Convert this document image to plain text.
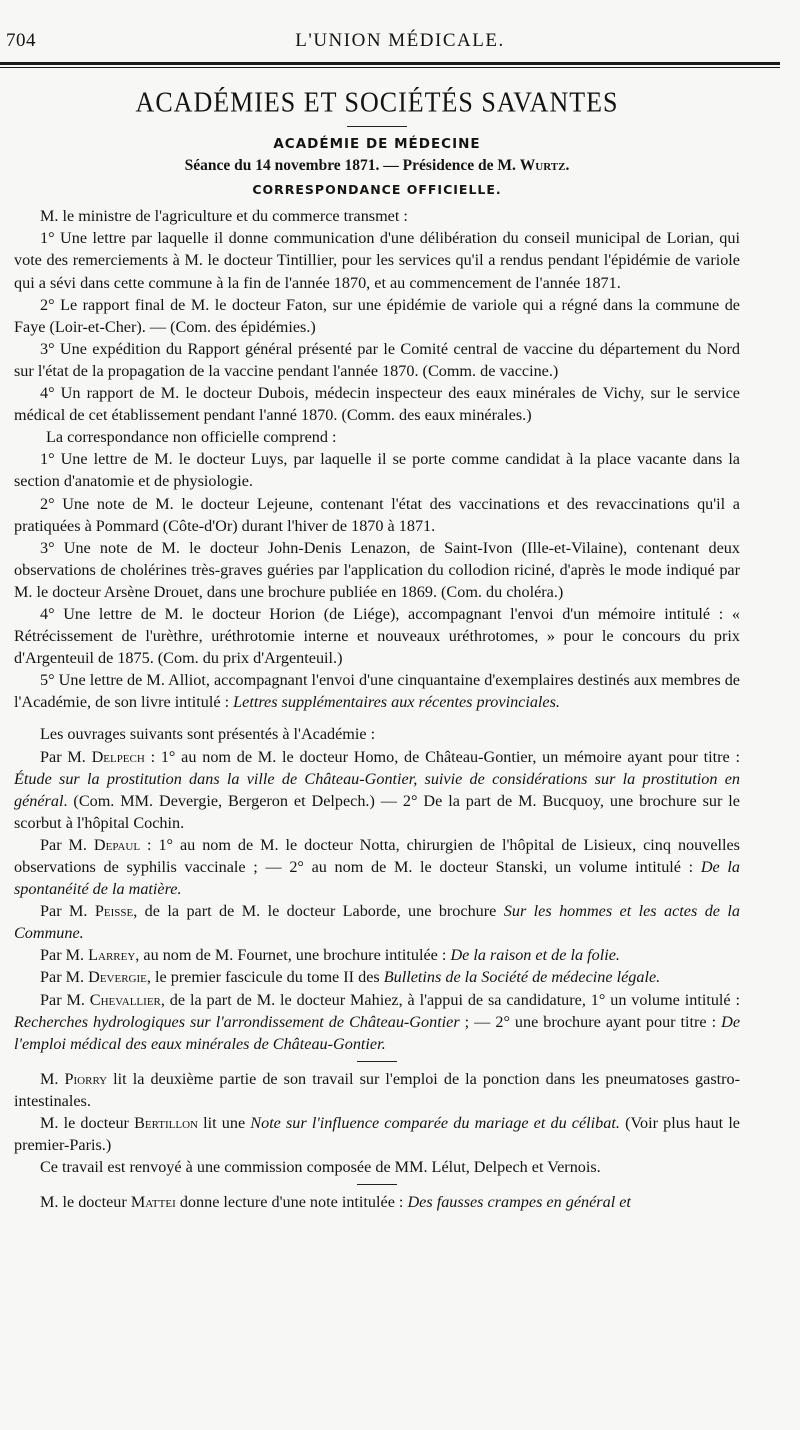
704	L'UNION MÉDICALE.

ACADÉMIES ET SOCIÉTÉS SAVANTES

ACADÉMIE DE MÉDECINE

Séance du 14 novembre 1871. — Présidence de M. Wurtz.

CORRESPONDANCE OFFICIELLE.

M. le ministre de l'agriculture et du commerce transmet :

1° Une lettre par laquelle il donne communication d'une délibération du conseil municipal de Lorian, qui vote des remerciements à M. le docteur Tintillier, pour les services qu'il a rendus pendant l'épidémie de variole qui a sévi dans cette commune à la fin de l'année 1870, et au commencement de l'année 1871.

2° Le rapport final de M. le docteur Faton, sur une épidémie de variole qui a régné dans la commune de Faye (Loir-et-Cher). — (Com. des épidémies.)

3° Une expédition du Rapport général présenté par le Comité central de vaccine du département du Nord sur l'état de la propagation de la vaccine pendant l'année 1870. (Comm. de vaccine.)

4° Un rapport de M. le docteur Dubois, médecin inspecteur des eaux minérales de Vichy, sur le service médical de cet établissement pendant l'anné 1870. (Comm. des eaux minérales.)

La correspondance non officielle comprend :

1° Une lettre de M. le docteur Luys, par laquelle il se porte comme candidat à la place vacante dans la section d'anatomie et de physiologie.

2° Une note de M. le docteur Lejeune, contenant l'état des vaccinations et des revaccinations qu'il a pratiquées à Pommard (Côte-d'Or) durant l'hiver de 1870 à 1871.

3° Une note de M. le docteur John-Denis Lenazon, de Saint-Ivon (Ille-et-Vilaine), contenant deux observations de cholérines très-graves guéries par l'application du collodion riciné, d'après le mode indiqué par M. le docteur Arsène Drouet, dans une brochure publiée en 1869. (Com. du choléra.)

4° Une lettre de M. le docteur Horion (de Liége), accompagnant l'envoi d'un mémoire intitulé : « Rétrécissement de l'urèthre, uréthrotomie interne et nouveaux uréthrotomes, » pour le concours du prix d'Argenteuil de 1875. (Com. du prix d'Argenteuil.)

5° Une lettre de M. Alliot, accompagnant l'envoi d'une cinquantaine d'exemplaires destinés aux membres de l'Académie, de son livre intitulé : Lettres supplémentaires aux récentes provinciales.

Les ouvrages suivants sont présentés à l'Académie :

Par M. Delpech : 1° au nom de M. le docteur Homo, de Château-Gontier, un mémoire ayant pour titre : Étude sur la prostitution dans la ville de Château-Gontier, suivie de considérations sur la prostitution en général. (Com. MM. Devergie, Bergeron et Delpech.) — 2° De la part de M. Bucquoy, une brochure sur le scorbut à l'hôpital Cochin.

Par M. Depaul : 1° au nom de M. le docteur Notta, chirurgien de l'hôpital de Lisieux, cinq nouvelles observations de syphilis vaccinale ; — 2° au nom de M. le docteur Stanski, un volume intitulé : De la spontanéité de la matière.

Par M. Peisse, de la part de M. le docteur Laborde, une brochure Sur les hommes et les actes de la Commune.

Par M. Larrey, au nom de M. Fournet, une brochure intitulée : De la raison et de la folie.

Par M. Devergie, le premier fascicule du tome II des Bulletins de la Société de médecine légale.

Par M. Chevallier, de la part de M. le docteur Mahiez, à l'appui de sa candidature, 1° un volume intitulé : Recherches hydrologiques sur l'arrondissement de Château-Gontier ; — 2° une brochure ayant pour titre : De l'emploi médical des eaux minérales de Château-Gontier.

M. Piorry lit la deuxième partie de son travail sur l'emploi de la ponction dans les pneumatoses gastro-intestinales.

M. le docteur Bertillon lit une Note sur l'influence comparée du mariage et du célibat. (Voir plus haut le premier-Paris.)

Ce travail est renvoyé à une commission composée de MM. Lélut, Delpech et Vernois.

M. le docteur Mattei donne lecture d'une note intitulée : Des fausses crampes en général et
